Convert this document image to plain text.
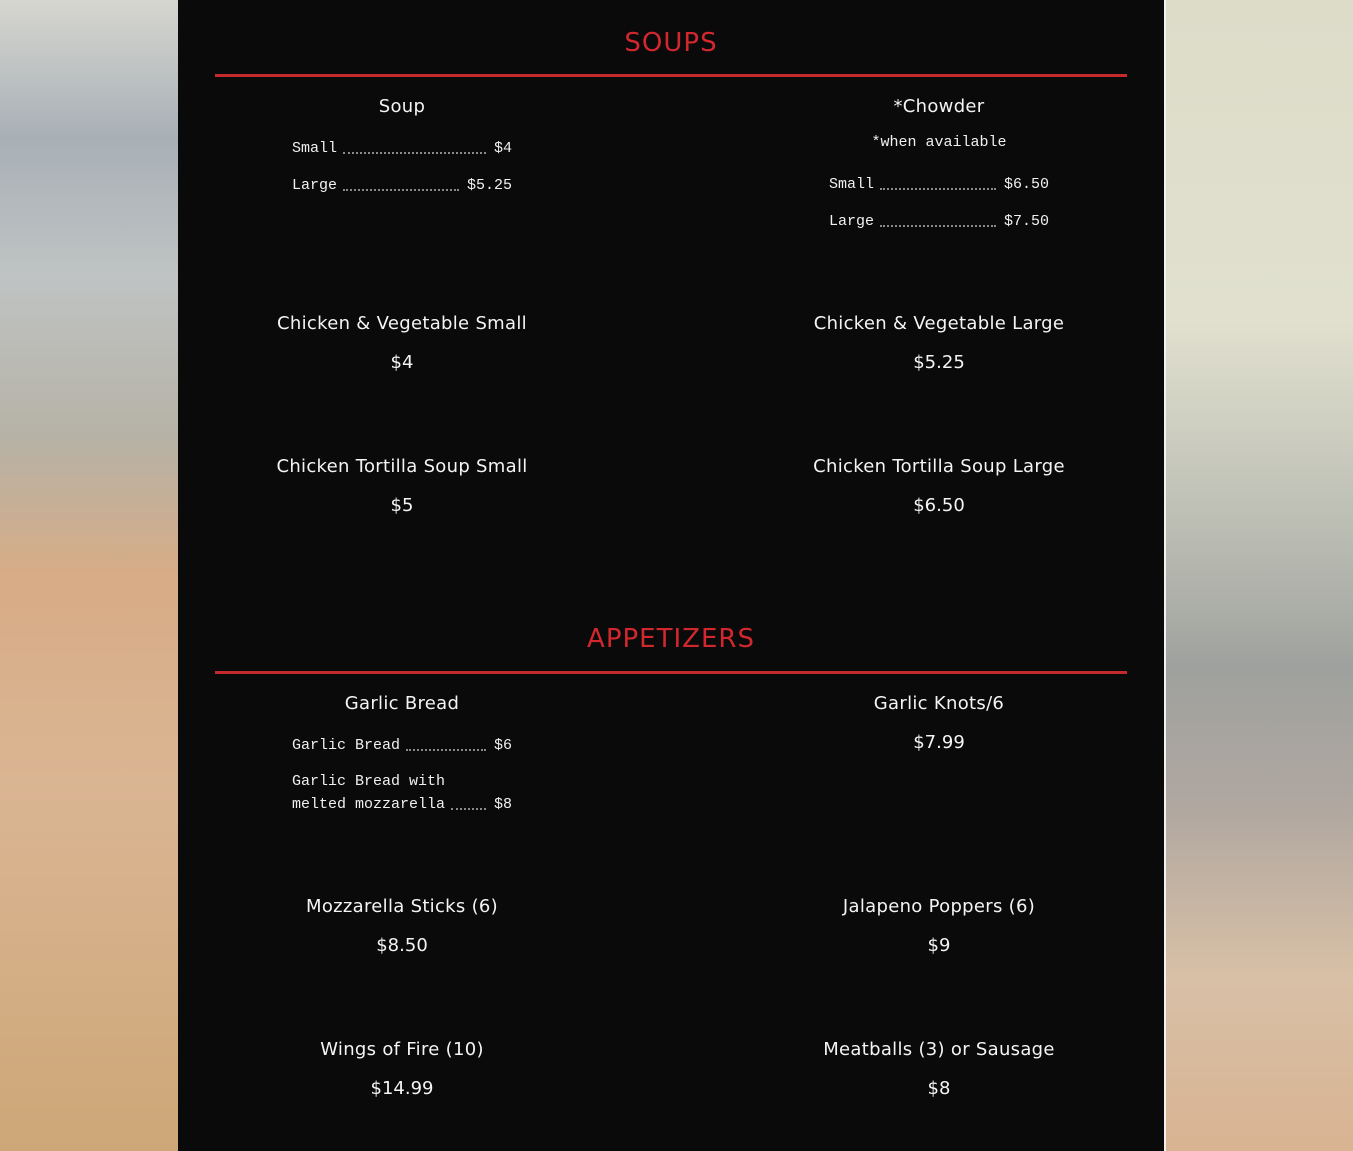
SOUPS
Soup
Small	$4
Large	$5.25
*Chowder
*when available
Small	$6.50
Large	$7.50
Chicken & Vegetable Small
$4
Chicken & Vegetable Large
$5.25
Chicken Tortilla Soup Small
$5
Chicken Tortilla Soup Large
$6.50
APPETIZERS
Garlic Bread
Garlic Bread	$6
Garlic Bread with
melted mozzarella	$8
Garlic Knots/6
$7.99
Mozzarella Sticks (6)
$8.50
Jalapeno Poppers (6)
$9
Wings of Fire (10)
$14.99
Meatballs (3) or Sausage
$8
